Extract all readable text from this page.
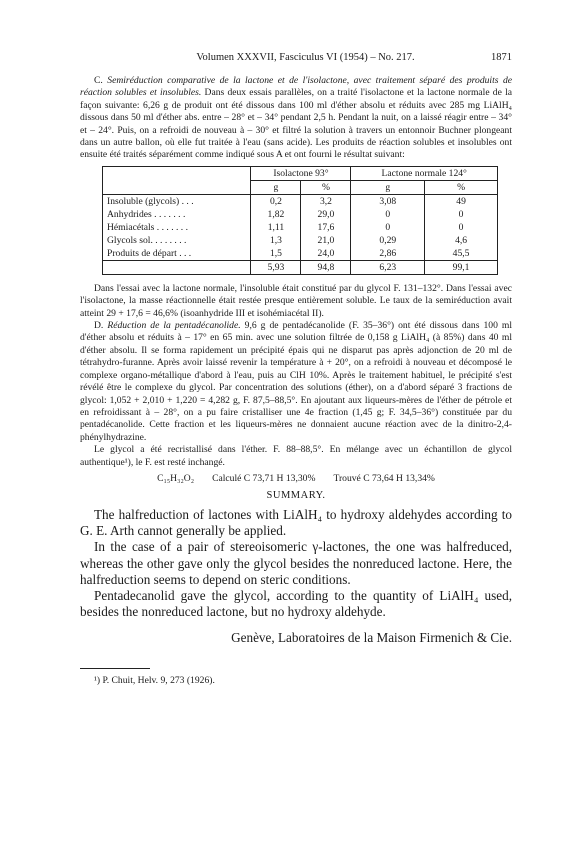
Volumen XXXVII, Fasciculus VI (1954) – No. 217.	1871

C. Semiréduction comparative de la lactone et de l'isolactone, avec traitement séparé des produits de réaction solubles et insolubles. Dans deux essais parallèles, on a traité l'isolactone et la lactone normale de la façon suivante: 6,26 g de produit ont été dissous dans 100 ml d'éther absolu et réduits avec 285 mg LiAlH₄ dissous dans 50 ml d'éther abs. entre – 28° et – 34° pendant 2,5 h. Pendant la nuit, on a laissé réagir entre – 34° et – 24°. Puis, on a refroidi de nouveau à – 30° et filtré la solution à travers un entonnoir Buchner plongeant dans un autre ballon, où elle fut traitée à l'eau (sans acide). Les produits de réaction solubles et insolubles ont ensuite été traités séparément comme indiqué sous A et ont fourni le résultat suivant:

	Isolactone 93°		Lactone normale 124°	
	g	%	g	%
Insoluble (glycols) . . .	0,2	3,2	3,08	49
Anhydrides . . . . . . .	1,82	29,0	0	0
Hémiacétals . . . . . . .	1,11	17,6	0	0
Glycols sol. . . . . . . .	1,3	21,0	0,29	4,6
Produits de départ . . .	1,5	24,0	2,86	45,5
	5,93	94,8	6,23	99,1

Dans l'essai avec la lactone normale, l'insoluble était constitué par du glycol F. 131–132°. Dans l'essai avec l'isolactone, la masse réactionnelle était restée presque entièrement soluble. Le taux de la semiréduction avait atteint 29 + 17,6 = 46,6% (isoanhydride III et isohémiacétal II).

D. Réduction de la pentadécanolide. 9,6 g de pentadécanolide (F. 35–36°) ont été dissous dans 100 ml d'éther absolu et réduits à – 17° en 65 min. avec une solution filtrée de 0,158 g LiAlH₄ (à 85%) dans 40 ml d'éther absolu. Il se forma rapidement un précipité épais qui ne disparut pas après adjonction de 20 ml de tétrahydro-furanne. Après avoir laissé revenir la température à + 20°, on a refroidi à nouveau et décomposé le complexe organo-métallique d'abord à l'eau, puis au ClH 10%. Après le traitement habituel, le précipité s'est révélé être le complexe du glycol. Par concentration des solutions (éther), on a d'abord séparé 3 fractions de glycol: 1,052 + 2,010 + 1,220 = 4,282 g, F. 87,5–88,5°. En ajoutant aux liqueurs-mères de l'éther de pétrole et en refroidissant à – 28°, on a pu faire cristalliser une 4e fraction (1,45 g; F. 34,5–36°) constituée par du pentadécanolide. Cette fraction et les liqueurs-mères ne donnaient aucune réaction avec de la dinitro-2,4-phénylhydrazine.

Le glycol a été recristallisé dans l'éther. F. 88–88,5°. En mélange avec un échantillon de glycol authentique¹), le F. est resté inchangé.

C₁₅H₃₂O₂ Calculé C 73,71 H 13,30% Trouvé C 73,64 H 13,34%
SUMMARY.

The halfreduction of lactones with LiAlH₄ to hydroxy aldehydes according to G. E. Arth cannot generally be applied.

In the case of a pair of stereoisomeric γ-lactones, the one was halfreduced, whereas the other gave only the glycol besides the nonreduced lactone. Here, the halfreduction seems to depend on steric conditions.

Pentadecanolid gave the glycol, according to the quantity of LiAlH₄ used, besides the nonreduced lactone, but no hydroxy aldehyde.

Genève, Laboratoires de la Maison Firmenich & Cie.
¹) P. Chuit, Helv. 9, 273 (1926).
